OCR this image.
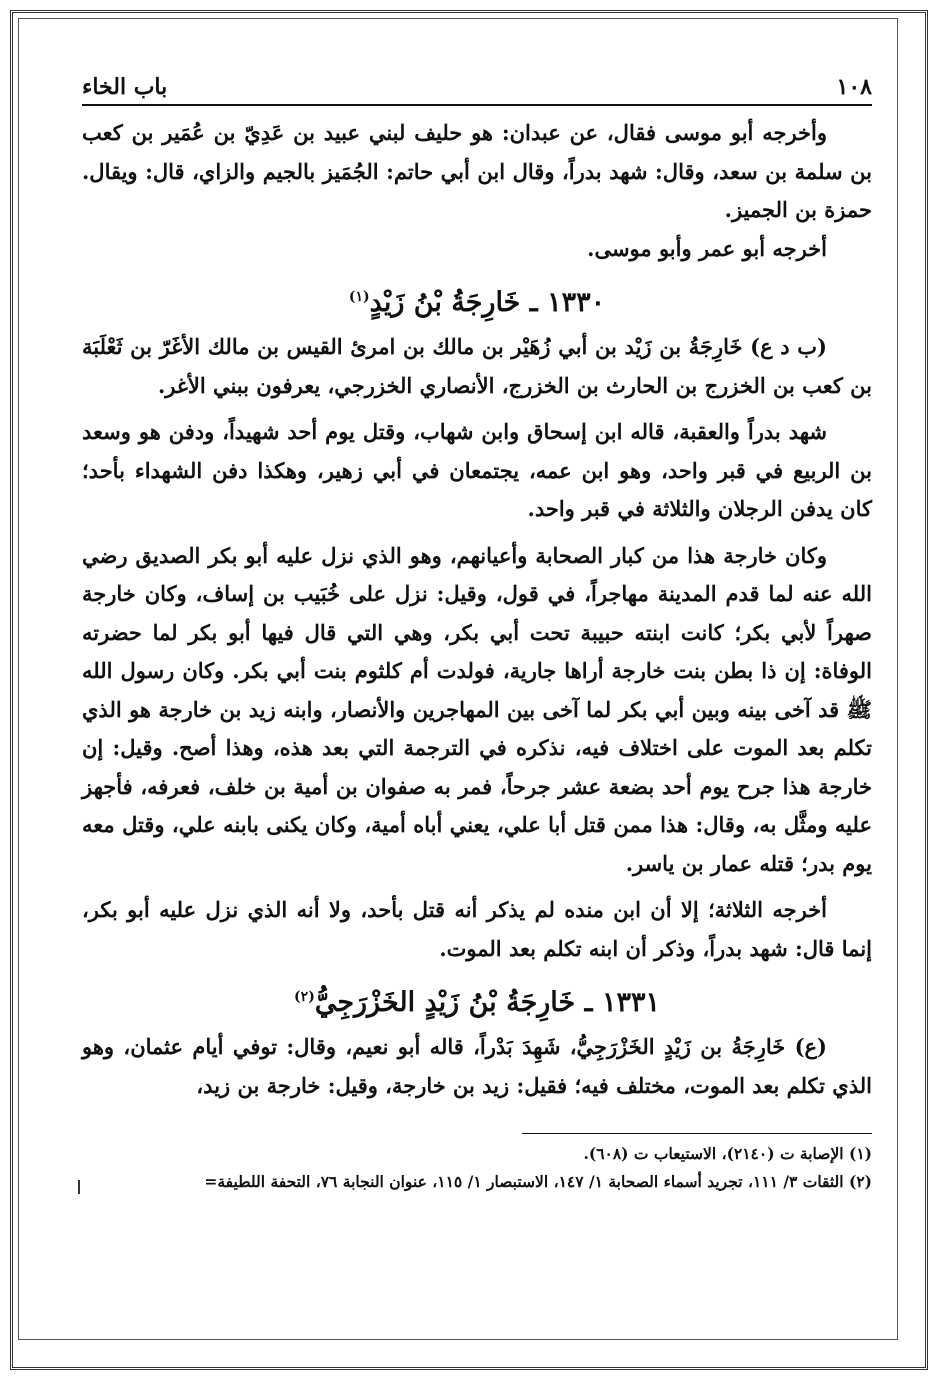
١٠٨
باب الخاء

وأخرجه أبو موسى فقال، عن عبدان: هو حليف لبني عبيد بن عَدِيّ بن عُمَير بن كعب بن سلمة بن سعد، وقال: شهد بدراً، وقال ابن أبي حاتم: الجُمَيز بالجيم والزاي، قال: ويقال. حمزة بن الجميز.

أخرجه أبو عمر وأبو موسى.

١٣٣٠ ـ خَارِجَةُ بْنُ زَيْدٍ$^{(١)}$

(ب د ع) خَارِجَةُ بن زَيْد بن أبي زُهَيْر بن مالك بن امرئ القيس بن مالك الأغَرّ بن ثَعْلَبَة بن كعب بن الخزرج بن الحارث بن الخزرج، الأنصاري الخزرجي، يعرفون ببني الأغر.

شهد بدراً والعقبة، قاله ابن إسحاق وابن شهاب، وقتل يوم أحد شهيداً، ودفن هو وسعد بن الربيع في قبر واحد، وهو ابن عمه، يجتمعان في أبي زهير، وهكذا دفن الشهداء بأحد؛ كان يدفن الرجلان والثلاثة في قبر واحد.

وكان خارجة هذا من كبار الصحابة وأعيانهم، وهو الذي نزل عليه أبو بكر الصديق رضي الله عنه لما قدم المدينة مهاجراً، في قول، وقيل: نزل على خُبَيب بن إساف، وكان خارجة صهراً لأبي بكر؛ كانت ابنته حبيبة تحت أبي بكر، وهي التي قال فيها أبو بكر لما حضرته الوفاة: إن ذا بطن بنت خارجة أراها جارية، فولدت أم كلثوم بنت أبي بكر. وكان رسول الله ﷺ قد آخى بينه وبين أبي بكر لما آخى بين المهاجرين والأنصار، وابنه زيد بن خارجة هو الذي تكلم بعد الموت على اختلاف فيه، نذكره في الترجمة التي بعد هذه، وهذا أصح. وقيل: إن خارجة هذا جرح يوم أحد بضعة عشر جرحاً، فمر به صفوان بن أمية بن خلف، فعرفه، فأجهز عليه ومثَّل به، وقال: هذا ممن قتل أبا علي، يعني أباه أمية، وكان يكنى بابنه علي، وقتل معه يوم بدر؛ قتله عمار بن ياسر.

أخرجه الثلاثة؛ إلا أن ابن منده لم يذكر أنه قتل بأحد، ولا أنه الذي نزل عليه أبو بكر، إنما قال: شهد بدراً، وذكر أن ابنه تكلم بعد الموت.

١٣٣١ ـ خَارِجَةُ بْنُ زَيْدٍ الخَزْرَجِيُّ$^{(٢)}$

(ع) خَارِجَةُ بن زَيْدٍ الخَزْرَجِيُّ، شَهِدَ بَدْراً، قاله أبو نعيم، وقال: توفي أيام عثمان، وهو الذي تكلم بعد الموت، مختلف فيه؛ فقيل: زيد بن خارجة، وقيل: خارجة بن زيد،

(١) الإصابة ت (٢١٤٠)، الاستيعاب ت (٦٠٨).

(٢) الثقات ٣/ ١١١، تجريد أسماء الصحابة ١/ ١٤٧، الاستبصار ١/ ١١٥، عنوان النجابة ٧٦، التحفة اللطيفة=
